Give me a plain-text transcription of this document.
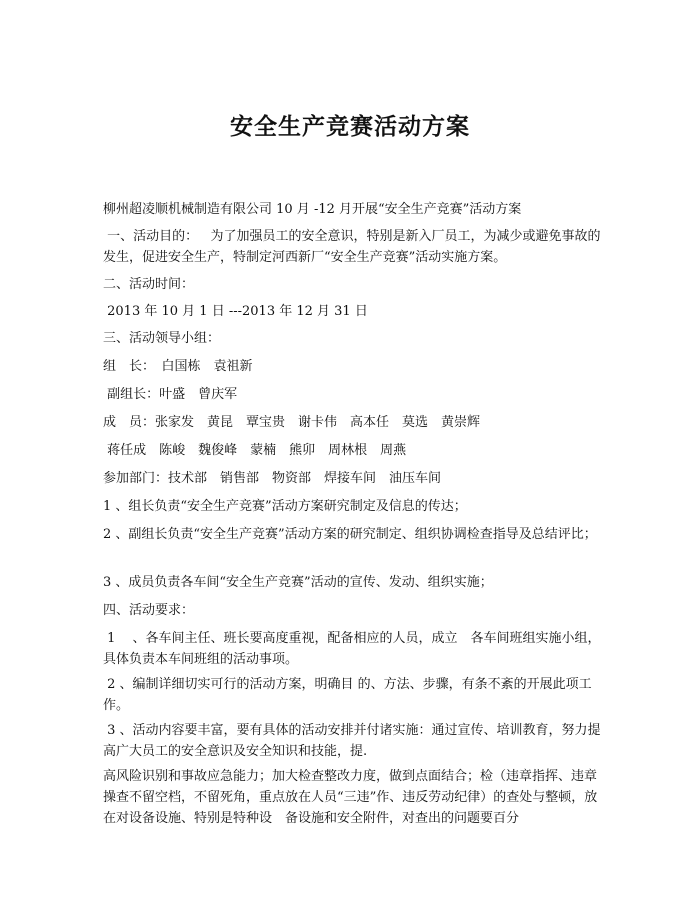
安全生产竞赛活动方案

柳州超凌顺机械制造有限公司 10 月 -12 月开展“安全生产竞赛”活动方案

一、活动目的：   为了加强员工的安全意识，特别是新入厂员工，为减少或避免事故的发生，促进安全生产，特制定河西新厂“安全生产竞赛”活动实施方案。

二、活动时间：

2013 年 10 月 1 日 ---2013 年 12 月 31 日

三、活动领导小组：

组　长：　白国栋　袁祖新

副组长：叶盛　曾庆军

成　员：张家发　黄昆　覃宝贵　谢卡伟　高本任　莫选　黄崇辉

蒋任成　陈峻　魏俊峰　蒙楠　熊卯　周林根　周燕

参加部门：技术部　销售部　物资部　焊接车间　油压车间

1 、组长负责“安全生产竞赛”活动方案研究制定及信息的传达；

2 、副组长负责“安全生产竞赛”活动方案的研究制定、组织协调检查指导及总结评比；

3 、成员负责各车间“安全生产竞赛”活动的宣传、发动、组织实施；

四、活动要求：

1 　、各车间主任、班长要高度重视，配备相应的人员，成立　各车间班组实施小组，具体负责本车间班组的活动事项。

2 、编制详细切实可行的活动方案，明确目 的、方法、步骤，有条不紊的开展此项工作。

3 、活动内容要丰富，要有具体的活动安排并付诸实施：通过宣传、培训教育，努力提高广大员工的安全意识及安全知识和技能，提.

高风险识别和事故应急能力；加大检查整改力度，做到点面结合；检（违章指挥、违章操查不留空档，不留死角，重点放在人员“三违”作、违反劳动纪律）的查处与整顿，放在对设备设施、特别是特种设　备设施和安全附件，对查出的问题要百分
